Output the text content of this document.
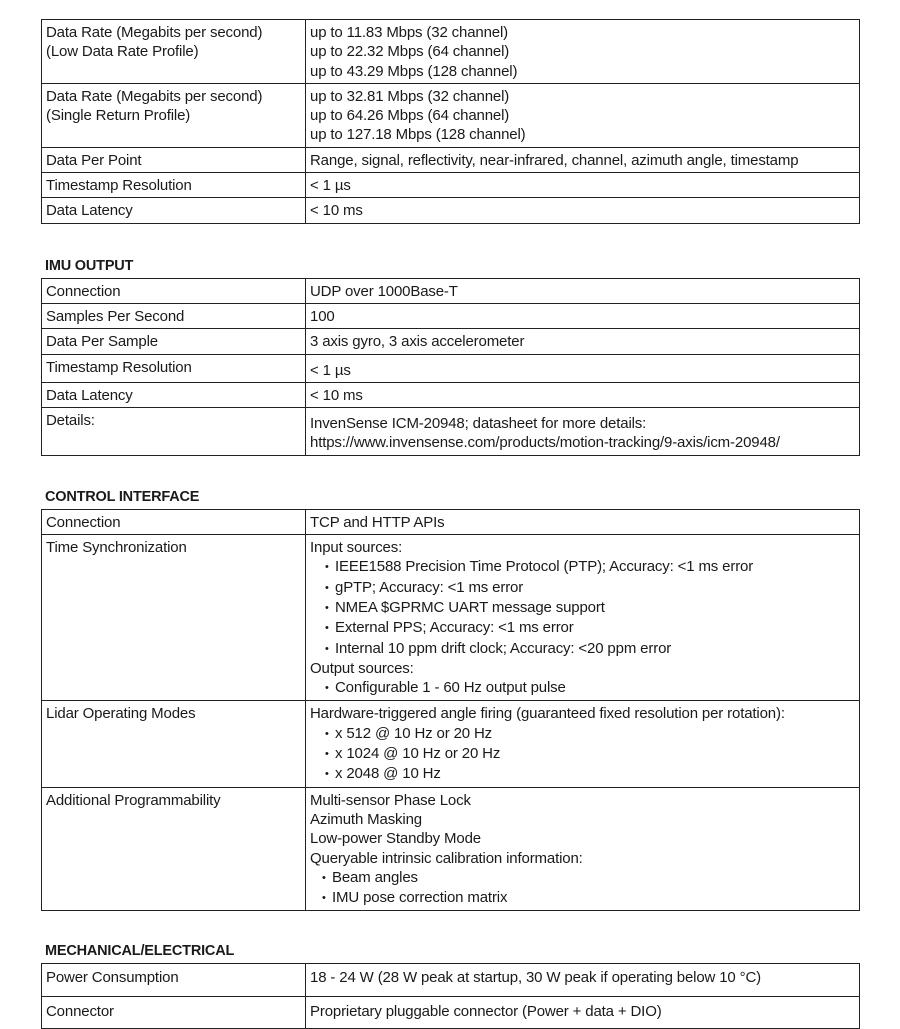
Data Rate (Megabits per second)
(Low Data Rate Profile)	up to 11.83 Mbps (32 channel)
up to 22.32 Mbps (64 channel)
up to 43.29 Mbps (128 channel)

Data Rate (Megabits per second)
(Single Return Profile)	up to 32.81 Mbps (32 channel)
up to 64.26 Mbps (64 channel)
up to 127.18 Mbps (128 channel)

Data Per Point	Range, signal, reflectivity, near-infrared, channel, azimuth angle, timestamp
Timestamp Resolution	< 1 µs
Data Latency	< 10 ms
IMU OUTPUT
Connection	UDP over 1000Base-T
Samples Per Second	100
Data Per Sample	3 axis gyro, 3 axis accelerometer
Timestamp Resolution	< 1 µs
Data Latency	< 10 ms
Details:	InvenSense ICM-20948; datasheet for more details:
https://www.invensense.com/products/motion-tracking/9-axis/icm-20948/
CONTROL INTERFACE
Connection	TCP and HTTP APIs
Time Synchronization	Input sources:
• IEEE1588 Precision Time Protocol (PTP); Accuracy: <1 ms error
• gPTP; Accuracy: <1 ms error
• NMEA $GPRMC UART message support
• External PPS; Accuracy: <1 ms error
• Internal 10 ppm drift clock; Accuracy: <20 ppm error
Output sources:
• Configurable 1 - 60 Hz output pulse

Lidar Operating Modes	Hardware-triggered angle firing (guaranteed fixed resolution per rotation):
• x 512 @ 10 Hz or 20 Hz
• x 1024 @ 10 Hz or 20 Hz
• x 2048 @ 10 Hz

Additional Programmability	Multi-sensor Phase Lock
Azimuth Masking
Low-power Standby Mode
Queryable intrinsic calibration information:
• Beam angles
• IMU pose correction matrix
MECHANICAL/ELECTRICAL
Power Consumption	18 - 24 W (28 W peak at startup, 30 W peak if operating below 10 °C)
Connector	Proprietary pluggable connector (Power + data + DIO)
